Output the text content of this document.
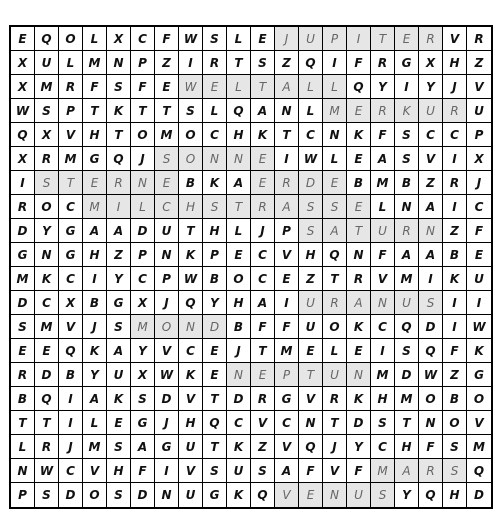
E	Q	O	L	X	C	F	W	S	L	E	J	U	P	I	T	E	R	V	R
X	U	L	M	N	P	Z	I	R	T	S	Z	Q	I	F	R	G	X	H	Z
X	M	R	F	S	F	E	W	E	L	T	A	L	L	Q	Y	I	Y	J	V
W	S	P	T	K	T	T	S	L	Q	A	N	L	M	E	R	K	U	R	U
Q	X	V	H	T	O	M	O	C	H	K	T	C	N	K	F	S	C	C	P
X	R	M	G	Q	J	S	O	N	N	E	I	W	L	E	A	S	V	I	X
I	S	T	E	R	N	E	B	K	A	E	R	D	E	B	M	B	Z	R	J
R	O	C	M	I	L	C	H	S	T	R	A	S	S	E	L	N	A	I	C
D	Y	G	A	A	D	U	T	H	L	J	P	S	A	T	U	R	N	Z	F
G	N	G	H	Z	P	N	K	P	E	C	V	H	Q	N	F	A	A	B	E
M	K	C	I	Y	C	P	W	B	O	C	E	Z	T	R	V	M	I	K	U
D	C	X	B	G	X	J	Q	Y	H	A	I	U	R	A	N	U	S	I	I
S	M	V	J	S	M	O	N	D	B	F	F	U	O	K	C	Q	D	I	W
E	E	Q	K	A	Y	V	C	E	J	T	M	E	L	E	I	S	Q	F	K
R	D	B	Y	U	X	W	K	E	N	E	P	T	U	N	M	D	W	Z	G
B	Q	I	A	K	S	D	V	T	D	R	G	V	R	K	H	M	O	B	O
T	T	I	L	E	G	J	H	Q	C	V	C	N	T	D	S	T	N	O	V
L	R	J	M	S	A	G	U	T	K	Z	V	Q	J	Y	C	H	F	S	M
N	W	C	V	H	F	I	V	S	U	S	A	F	V	F	M	A	R	S	Q
P	S	D	O	S	D	N	U	G	K	Q	V	E	N	U	S	Y	Q	H	D
